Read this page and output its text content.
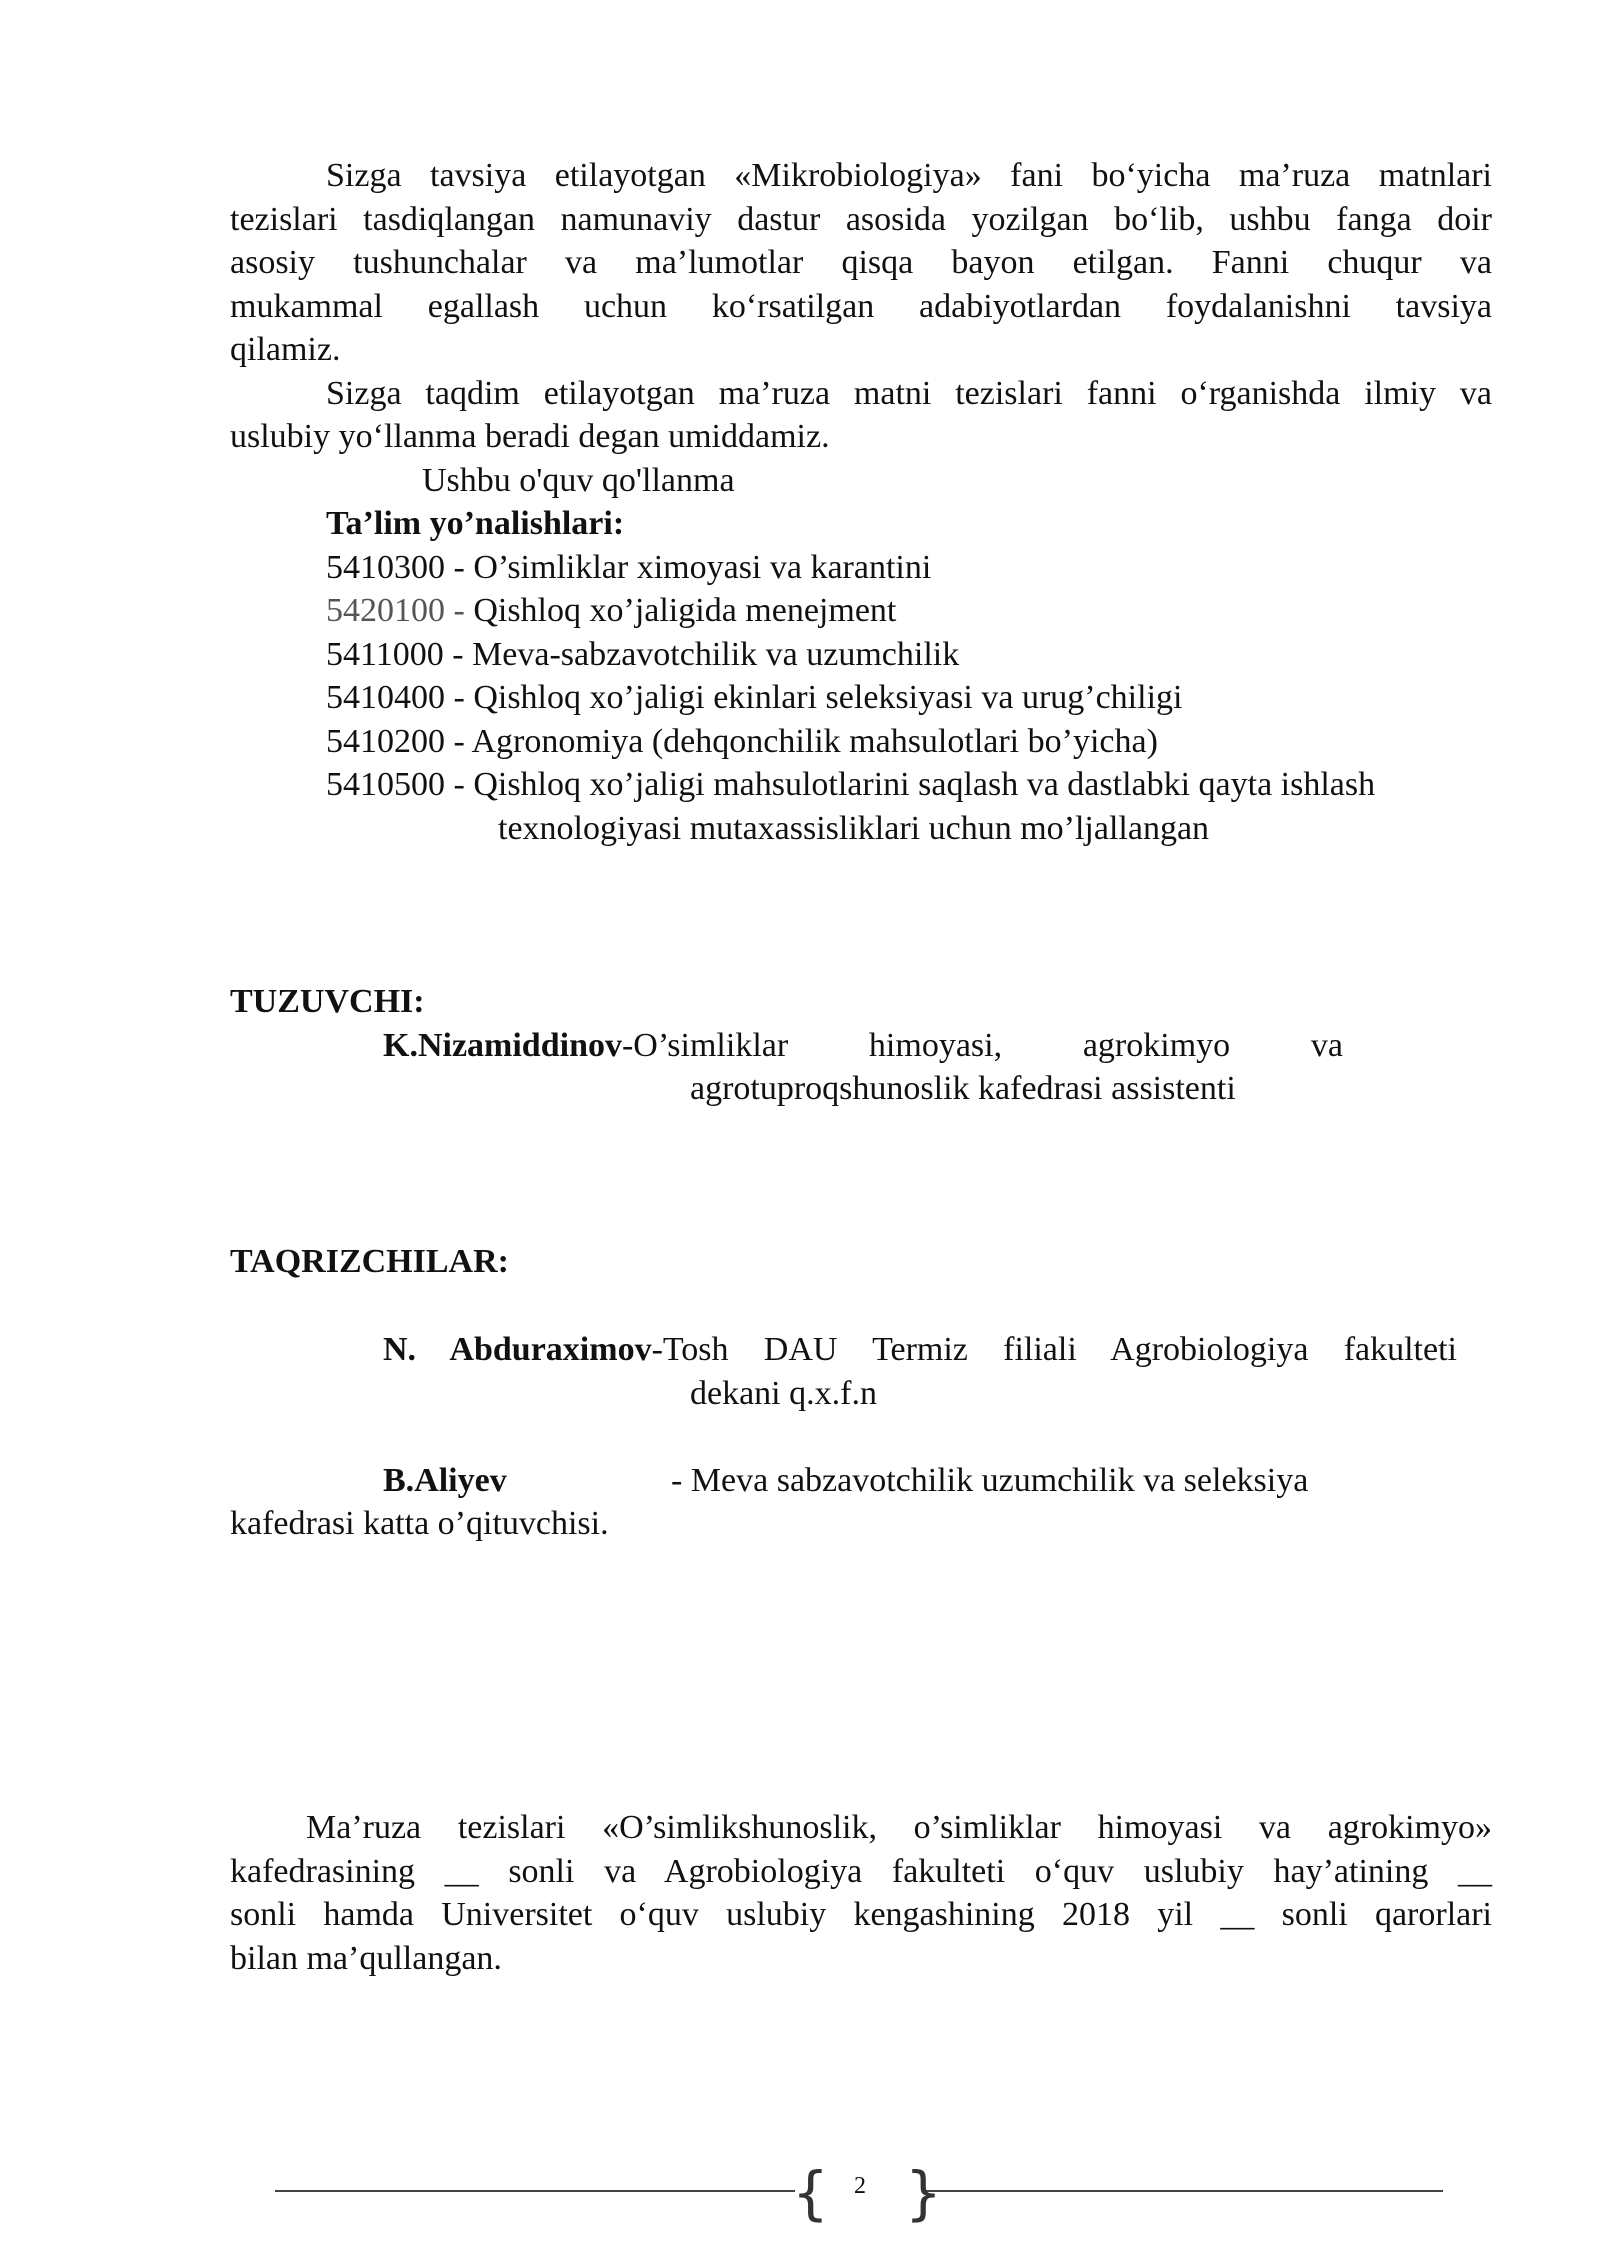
Sizga tavsiya etilayotgan «Mikrobiologiya» fani bo‘yicha ma’ruza matnlari

tezislari tasdiqlangan namunaviy dastur asosida yozilgan bo‘lib, ushbu fanga doir

asosiy tushunchalar va ma’lumotlar qisqa bayon etilgan. Fanni chuqur va

mukammal egallash uchun ko‘rsatilgan adabiyotlardan foydalanishni tavsiya

qilamiz.

Sizga taqdim etilayotgan ma’ruza matni tezislari fanni o‘rganishda ilmiy va

uslubiy yo‘llanma beradi degan umiddamiz.

Ushbu o'quv qo'llanma

Ta’lim yo’nalishlari:

5410300 - O’simliklar ximoyasi va karantini

5420100 - Qishloq xo’jaligida menejment

5411000 - Meva-sabzavotchilik va uzumchilik

5410400 - Qishloq xo’jaligi ekinlari seleksiyasi va urug’chiligi

5410200 - Agronomiya (dehqonchilik mahsulotlari bo’yicha)

5410500 - Qishloq xo’jaligi mahsulotlarini saqlash va dastlabki qayta ishlash

texnologiyasi mutaxassisliklari uchun mo’ljallangan

TUZUVCHI:

K.Nizamiddinov-O’simliklar himoyasi, agrokimyo va

agrotuproqshunoslik kafedrasi assistenti

TAQRIZCHILAR:

N. Abduraximov-Tosh DAU Termiz filiali Agrobiologiya fakulteti

dekani q.x.f.n

B.Aliyev	- Meva sabzavotchilik uzumchilik va seleksiya

kafedrasi katta o’qituvchisi.

Ma’ruza tezislari «O’simlikshunoslik, o’simliklar himoyasi va agrokimyo»

kafedrasining __ sonli va Agrobiologiya fakulteti o‘quv uslubiy hay’atining __

sonli hamda Universitet o‘quv uslubiy kengashining 2018 yil __ sonli qarorlari

bilan ma’qullangan.

{ }
2
